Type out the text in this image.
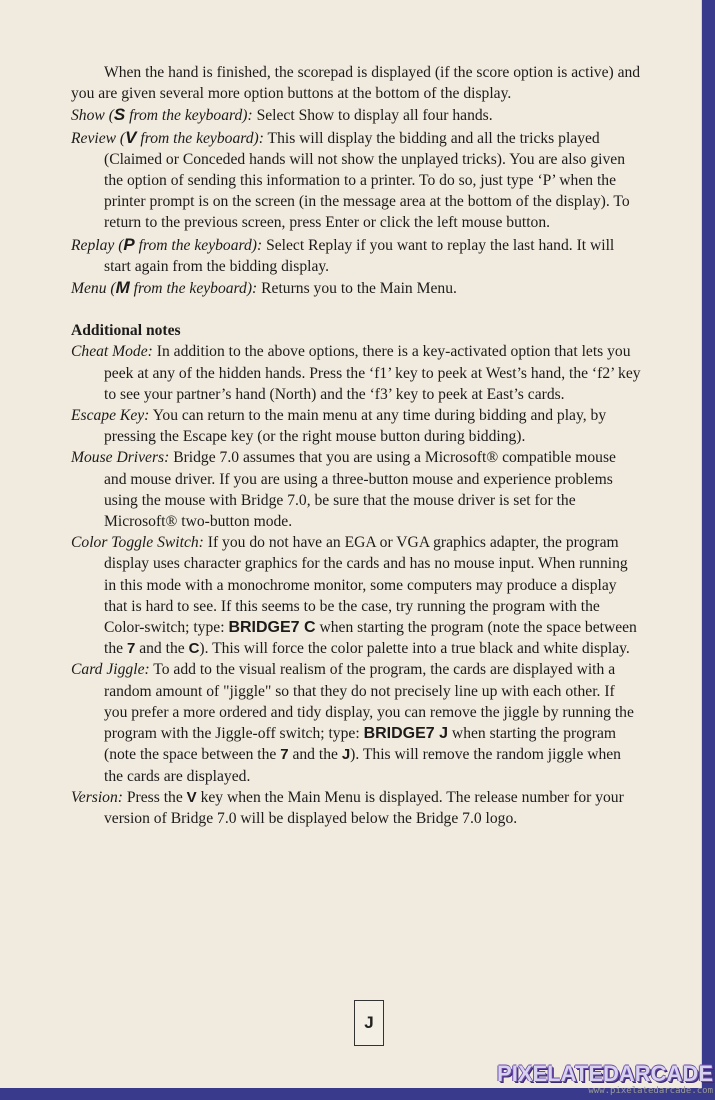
When the hand is finished, the scorepad is displayed (if the score option is active) and you are given several more option buttons at the bottom of the display.

Show (S from the keyboard): Select Show to display all four hands.

Review (V from the keyboard): This will display the bidding and all the tricks played (Claimed or Conceded hands will not show the unplayed tricks). You are also given the option of sending this information to a printer. To do so, just type ‘P’ when the printer prompt is on the screen (in the message area at the bottom of the display). To return to the previous screen, press Enter or click the left mouse button.

Replay (P from the keyboard): Select Replay if you want to replay the last hand. It will start again from the bidding display.

Menu (M from the keyboard): Returns you to the Main Menu.

Additional notes

Cheat Mode: In addition to the above options, there is a key-activated option that lets you peek at any of the hidden hands. Press the ‘f1’ key to peek at West’s hand, the ‘f2’ key to see your partner’s hand (North) and the ‘f3’ key to peek at East’s cards.

Escape Key: You can return to the main menu at any time during bidding and play, by pressing the Escape key (or the right mouse button during bidding).

Mouse Drivers: Bridge 7.0 assumes that you are using a Microsoft® compatible mouse and mouse driver. If you are using a three-button mouse and experience problems using the mouse with Bridge 7.0, be sure that the mouse driver is set for the Microsoft® two-button mode.

Color Toggle Switch: If you do not have an EGA or VGA graphics adapter, the program display uses character graphics for the cards and has no mouse input. When running in this mode with a monochrome monitor, some computers may produce a display that is hard to see. If this seems to be the case, try running the program with the Color-switch; type: BRIDGE7 C when starting the program (note the space between the 7 and the C). This will force the color palette into a true black and white display.

Card Jiggle: To add to the visual realism of the program, the cards are displayed with a random amount of "jiggle" so that they do not precisely line up with each other. If you prefer a more ordered and tidy display, you can remove the jiggle by running the program with the Jiggle-off switch; type: BRIDGE7 J when starting the program (note the space between the 7 and the J). This will remove the random jiggle when the cards are displayed.

Version: Press the V key when the Main Menu is displayed. The release number for your version of Bridge 7.0 will be displayed below the Bridge 7.0 logo.

J
PIXELATEDARCADE
www.pixelatedarcade.com
